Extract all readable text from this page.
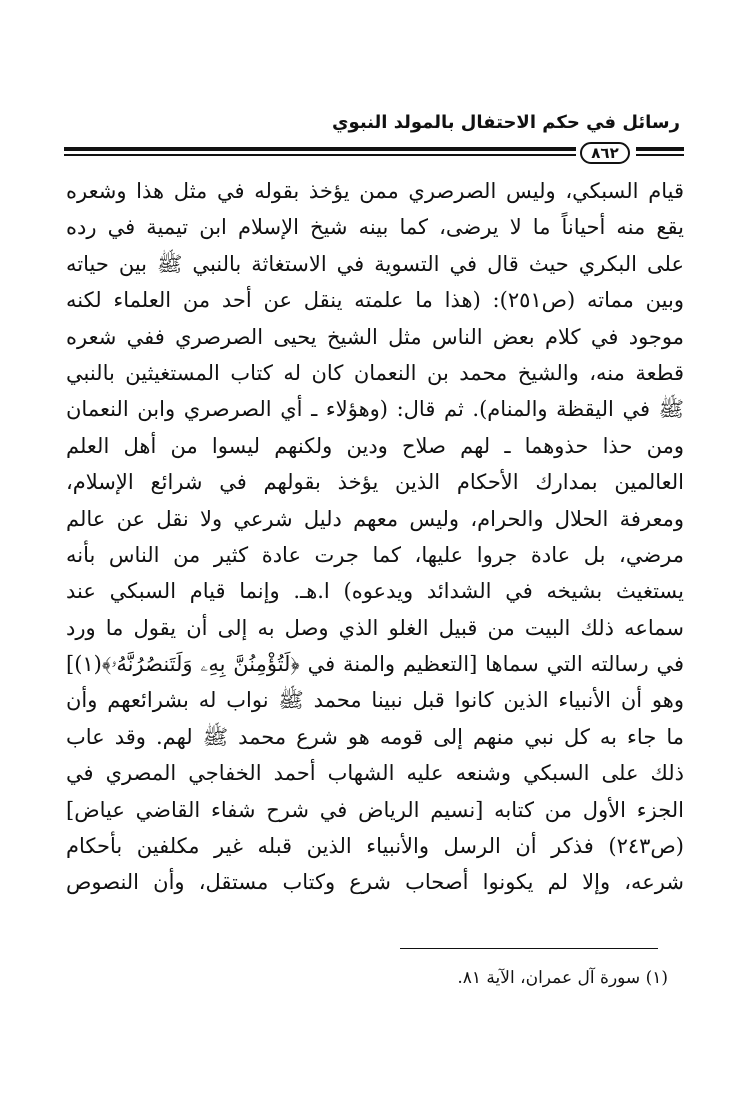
رسائل في حكم الاحتفال بالمولد النبوي
٨٦٢
قيام السبكي، وليس الصرصري ممن يؤخذ بقوله في مثل هذا وشعره
يقع منه أحياناً ما لا يرضى، كما بينه شيخ الإسلام ابن تيمية في رده
على البكري حيث قال في التسوية في الاستغاثة بالنبي ﷺ بين حياته
وبين مماته (ص٢٥١): (هذا ما علمته ينقل عن أحد من العلماء لكنه
موجود في كلام بعض الناس مثل الشيخ يحيى الصرصري ففي شعره
قطعة منه، والشيخ محمد بن النعمان كان له كتاب المستغيثين بالنبي
ﷺ في اليقظة والمنام). ثم قال: (وهؤلاء ـ أي الصرصري وابن النعمان
ومن حذا حذوهما ـ لهم صلاح ودين ولكنهم ليسوا من أهل العلم
العالمين بمدارك الأحكام الذين يؤخذ بقولهم في شرائع الإسلام،
ومعرفة الحلال والحرام، وليس معهم دليل شرعي ولا نقل عن عالم
مرضي، بل عادة جروا عليها، كما جرت عادة كثير من الناس بأنه
يستغيث بشيخه في الشدائد ويدعوه) ا.هـ. وإنما قيام السبكي عند
سماعه ذلك البيت من قبيل الغلو الذي وصل به إلى أن يقول ما ورد
في رسالته التي سماها [التعظيم والمنة في ﴿لَتُؤْمِنُنَّ بِهِۦ وَلَتَنصُرُنَّهُۥ﴾(١)]
وهو أن الأنبياء الذين كانوا قبل نبينا محمد ﷺ نواب له بشرائعهم وأن
ما جاء به كل نبي منهم إلى قومه هو شرع محمد ﷺ لهم. وقد عاب
ذلك على السبكي وشنعه عليه الشهاب أحمد الخفاجي المصري في
الجزء الأول من كتابه [نسيم الرياض في شرح شفاء القاضي عياض]
(ص٢٤٣) فذكر أن الرسل والأنبياء الذين قبله غير مكلفين بأحكام
شرعه، وإلا لم يكونوا أصحاب شرع وكتاب مستقل، وأن النصوص
(١) سورة آل عمران، الآية ٨١.
